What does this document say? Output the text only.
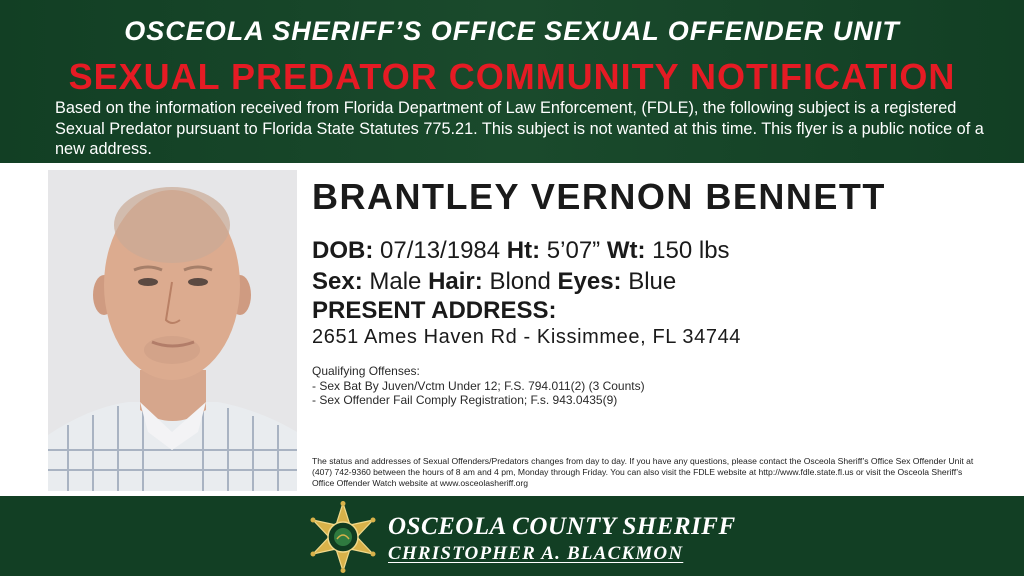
OSCEOLA SHERIFF’S OFFICE SEXUAL OFFENDER UNIT
SEXUAL PREDATOR COMMUNITY NOTIFICATION
Based on the information received from Florida Department of Law Enforcement, (FDLE), the following subject is a registered Sexual Predator pursuant to Florida State Statutes 775.21. This subject is not wanted at this time. This flyer is a public notice of a new address.
BRANTLEY VERNON BENNETT
DOB: 07/13/1984 Ht: 5’07” Wt: 150 lbs
Sex: Male Hair: Blond Eyes: Blue
PRESENT ADDRESS:
2651 Ames Haven Rd - Kissimmee, FL 34744
Qualifying Offenses:
- Sex Bat By Juven/Vctm Under 12; F.S. 794.011(2) (3 Counts)
- Sex Offender Fail Comply Registration; F.s. 943.0435(9)
The status and addresses of Sexual Offenders/Predators changes from day to day. If you have any questions, please contact the Osceola Sheriff’s Office Sex Offender Unit at (407) 742-9360 between the hours of 8 am and 4 pm, Monday through Friday. You can also visit the FDLE website at http://www.fdle.state.fl.us or visit the Osceola Sheriff’s Office Offender Watch website at www.osceolasheriff.org
OSCEOLA COUNTY SHERIFF
CHRISTOPHER A. BLACKMON
